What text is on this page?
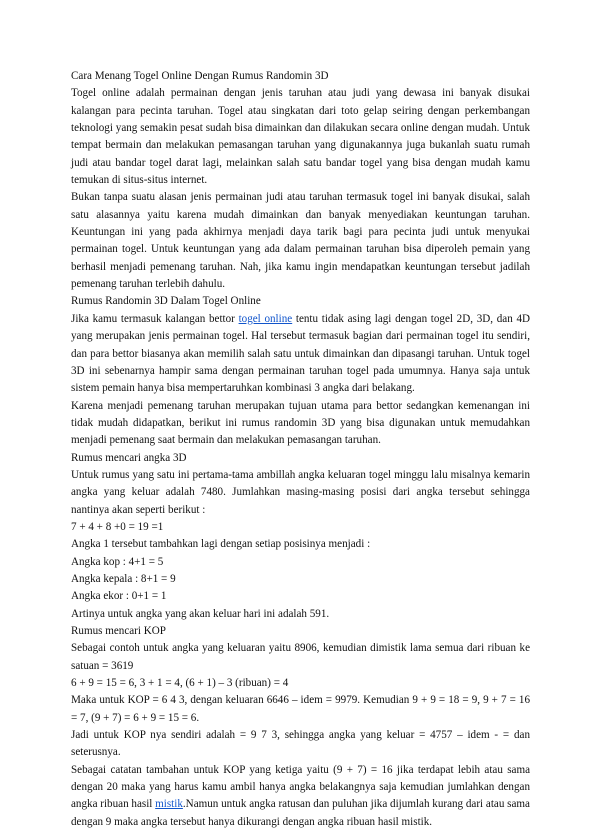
Cara Menang Togel Online Dengan Rumus Randomin 3D

Togel online adalah permainan dengan jenis taruhan atau judi yang dewasa ini banyak disukai kalangan para pecinta taruhan. Togel atau singkatan dari toto gelap seiring dengan perkembangan teknologi yang semakin pesat sudah bisa dimainkan dan dilakukan secara online dengan mudah. Untuk tempat bermain dan melakukan pemasangan taruhan yang digunakannya juga bukanlah suatu rumah judi atau bandar togel darat lagi, melainkan salah satu bandar togel yang bisa dengan mudah kamu temukan di situs-situs internet.

Bukan tanpa suatu alasan jenis permainan judi atau taruhan termasuk togel ini banyak disukai, salah satu alasannya yaitu karena mudah dimainkan dan banyak menyediakan keuntungan taruhan. Keuntungan ini yang pada akhirnya menjadi daya tarik bagi para pecinta judi untuk menyukai permainan togel. Untuk keuntungan yang ada dalam permainan taruhan bisa diperoleh pemain yang berhasil menjadi pemenang taruhan. Nah, jika kamu ingin mendapatkan keuntungan tersebut jadilah pemenang taruhan terlebih dahulu.

Rumus Randomin 3D Dalam Togel Online

Jika kamu termasuk kalangan bettor togel online tentu tidak asing lagi dengan togel 2D, 3D, dan 4D yang merupakan jenis permainan togel. Hal tersebut termasuk bagian dari permainan togel itu sendiri, dan para bettor biasanya akan memilih salah satu untuk dimainkan dan dipasangi taruhan. Untuk togel 3D ini sebenarnya hampir sama dengan permainan taruhan togel pada umumnya. Hanya saja untuk sistem pemain hanya bisa mempertaruhkan kombinasi 3 angka dari belakang.

Karena menjadi pemenang taruhan merupakan tujuan utama para bettor sedangkan kemenangan ini tidak mudah didapatkan, berikut ini rumus randomin 3D yang bisa digunakan untuk memudahkan menjadi pemenang saat bermain dan melakukan pemasangan taruhan.

Rumus mencari angka 3D

Untuk rumus yang satu ini pertama-tama ambillah angka keluaran togel minggu lalu misalnya kemarin angka yang keluar adalah 7480. Jumlahkan masing-masing posisi dari angka tersebut sehingga nantinya akan seperti berikut :

7 + 4 + 8 +0 = 19 =1

Angka 1 tersebut tambahkan lagi dengan setiap posisinya menjadi :

Angka kop : 4+1 = 5

Angka kepala : 8+1 = 9

Angka ekor : 0+1 = 1

Artinya untuk angka yang akan keluar hari ini adalah 591.

Rumus mencari KOP

Sebagai contoh untuk angka yang keluaran yaitu 8906, kemudian dimistik lama semua dari ribuan ke satuan = 3619

6 + 9 = 15 = 6, 3 + 1 = 4, (6 + 1) – 3 (ribuan) = 4

Maka untuk KOP = 6 4 3, dengan keluaran 6646 – idem = 9979. Kemudian 9 + 9 = 18 = 9, 9 + 7 = 16 = 7, (9 + 7) = 6 + 9 = 15 = 6.

Jadi untuk KOP nya sendiri adalah = 9 7 3, sehingga angka yang keluar = 4757 – idem - = dan seterusnya.

Sebagai catatan tambahan untuk KOP yang ketiga yaitu (9 + 7) = 16 jika terdapat lebih atau sama dengan 20 maka yang harus kamu ambil hanya angka belakangnya saja kemudian jumlahkan dengan angka ribuan hasil mistik.Namun untuk angka ratusan dan puluhan jika dijumlah kurang dari atau sama dengan 9 maka angka tersebut hanya dikurangi dengan angka ribuan hasil mistik.
